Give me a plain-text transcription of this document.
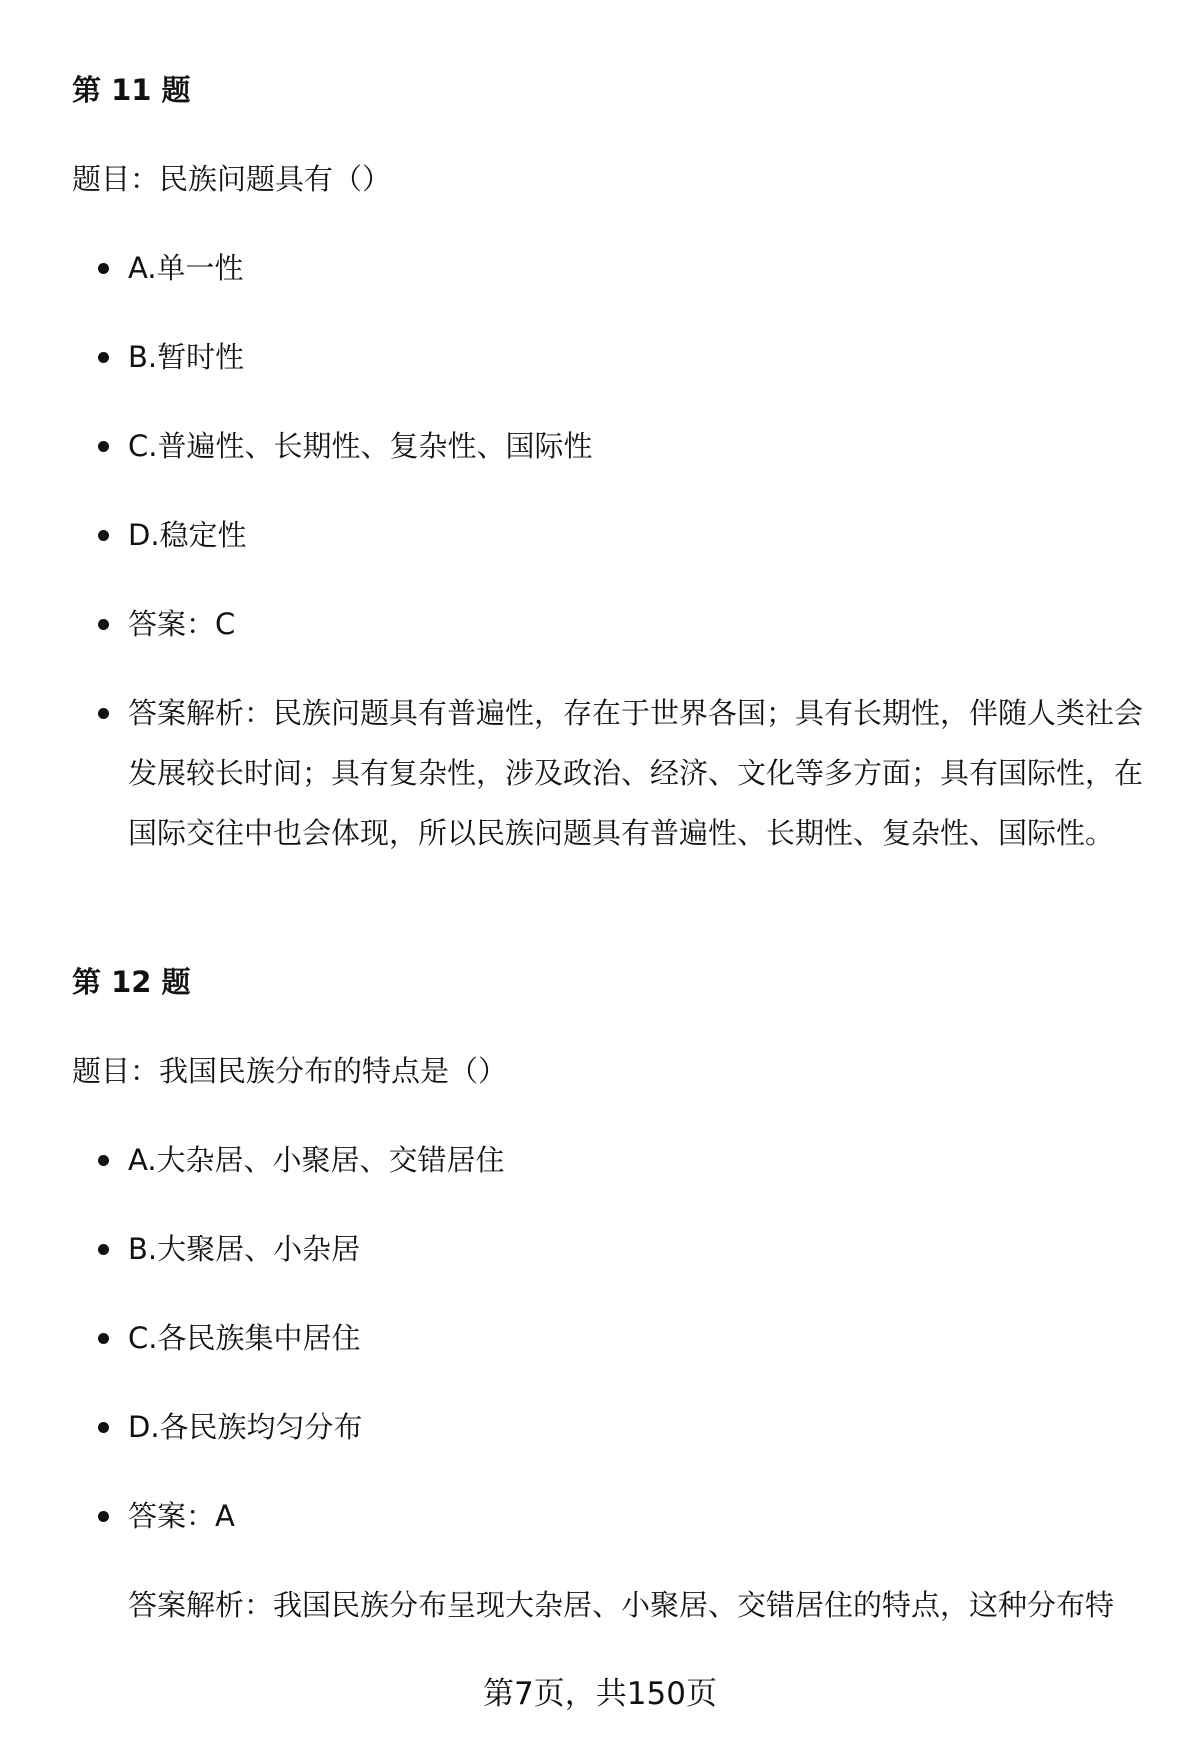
第 11 题

题目：民族问题具有（）

A.单一性
B.暂时性
C.普遍性、长期性、复杂性、国际性
D.稳定性
答案：C
答案解析：民族问题具有普遍性，存在于世界各国；具有长期性，伴随人类社会发展较长时间；具有复杂性，涉及政治、经济、文化等多方面；具有国际性，在国际交往中也会体现，所以民族问题具有普遍性、长期性、复杂性、国际性。

第 12 题

题目：我国民族分布的特点是（）

A.大杂居、小聚居、交错居住
B.大聚居、小杂居
C.各民族集中居住
D.各民族均匀分布
答案：A
答案解析：我国民族分布呈现大杂居、小聚居、交错居住的特点，这种分布特
第7页，共150页
